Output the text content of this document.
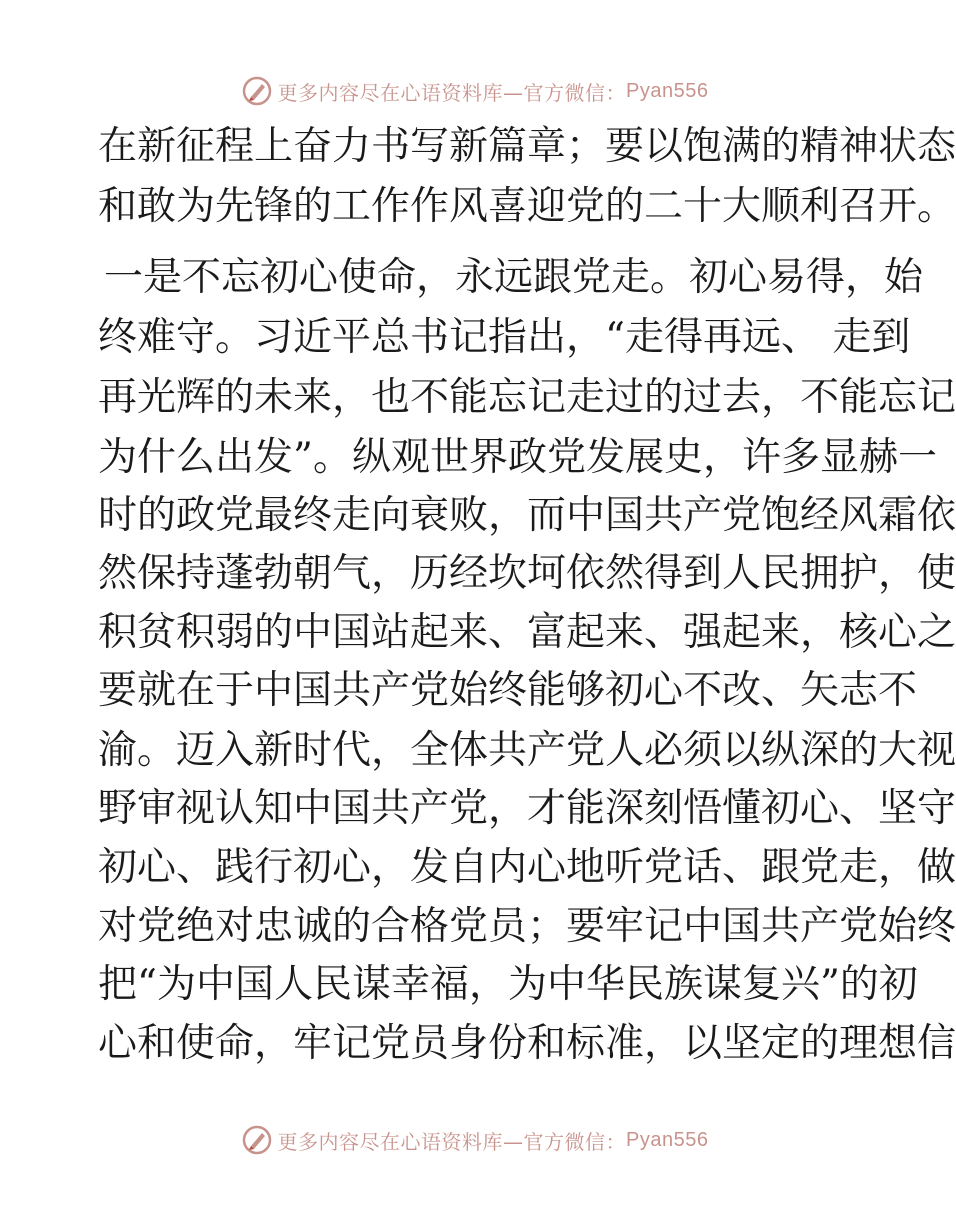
更多内容尽在心语资料库—官方微信： Pyan556
在新征程上奋力书写新篇章；要以饱满的精神状态
和敢为先锋的工作作风喜迎党的二十大顺利召开。
一是不忘初心使命，永远跟党走。初心易得，始
终难守。习近平总书记指出，“走得再远、 走到
再光辉的未来，也不能忘记走过的过去，不能忘记
为什么出发”。纵观世界政党发展史，许多显赫一
时的政党最终走向衰败，而中国共产党饱经风霜依
然保持蓬勃朝气，历经坎坷依然得到人民拥护，使
积贫积弱的中国站起来、富起来、强起来，核心之
要就在于中国共产党始终能够初心不改、矢志不
渝。迈入新时代，全体共产党人必须以纵深的大视
野审视认知中国共产党，才能深刻悟懂初心、坚守
初心、践行初心，发自内心地听党话、跟党走，做
对党绝对忠诚的合格党员；要牢记中国共产党始终
把“为中国人民谋幸福，为中华民族谋复兴”的初
心和使命，牢记党员身份和标准，以坚定的理想信
更多内容尽在心语资料库—官方微信： Pyan556
